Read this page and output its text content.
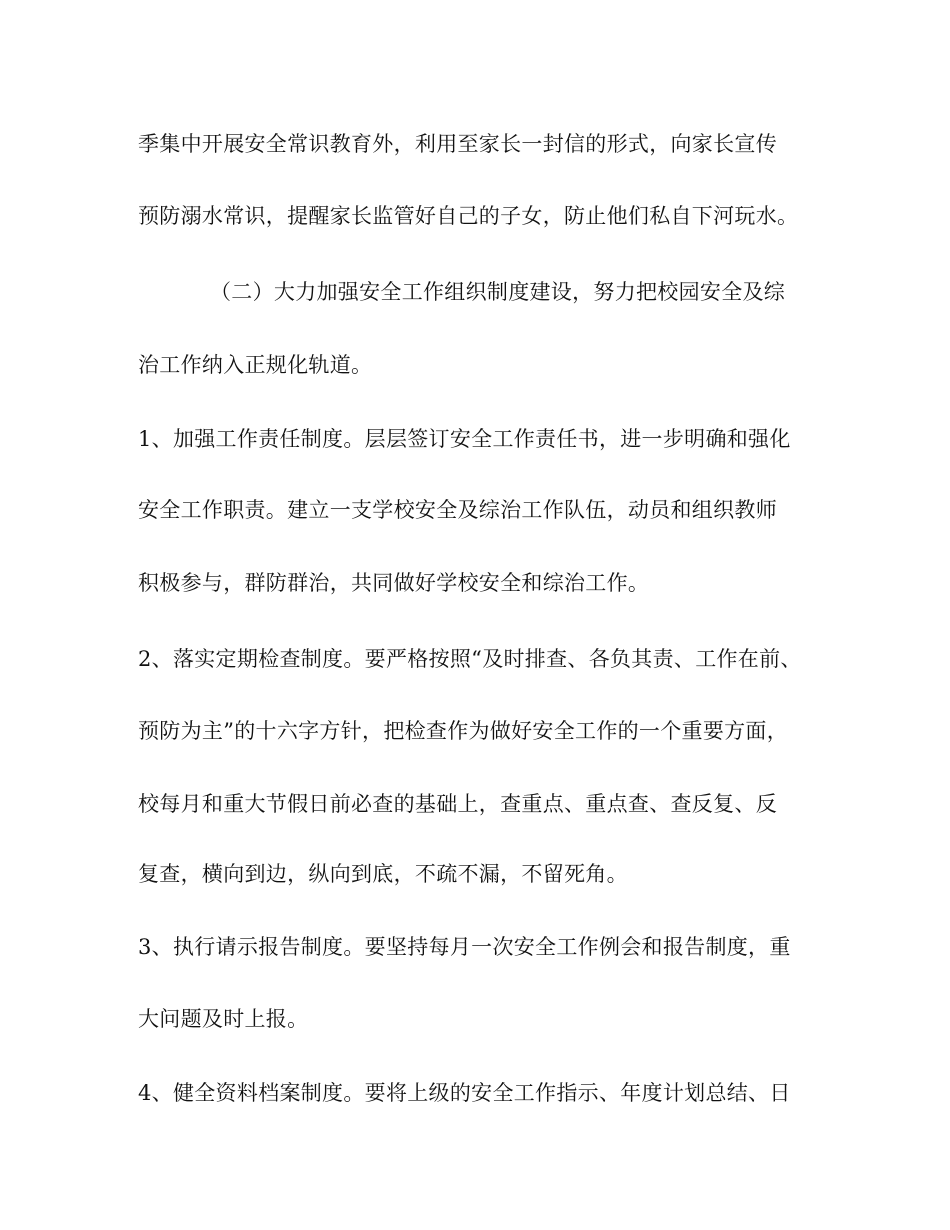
季集中开展安全常识教育外，利用至家长一封信的形式，向家长宣传
预防溺水常识，提醒家长监管好自己的子女，防止他们私自下河玩水。
（二）大力加强安全工作组织制度建设，努力把校园安全及综
治工作纳入正规化轨道。
1、加强工作责任制度。层层签订安全工作责任书，进一步明确和强化
安全工作职责。建立一支学校安全及综治工作队伍，动员和组织教师
积极参与，群防群治，共同做好学校安全和综治工作。
2、落实定期检查制度。要严格按照“及时排查、各负其责、工作在前、
预防为主”的十六字方针，把检查作为做好安全工作的一个重要方面，
校每月和重大节假日前必查的基础上，查重点、重点查、查反复、反
复查，横向到边，纵向到底，不疏不漏，不留死角。
3、执行请示报告制度。要坚持每月一次安全工作例会和报告制度，重
大问题及时上报。
4、健全资料档案制度。要将上级的安全工作指示、年度计划总结、日
